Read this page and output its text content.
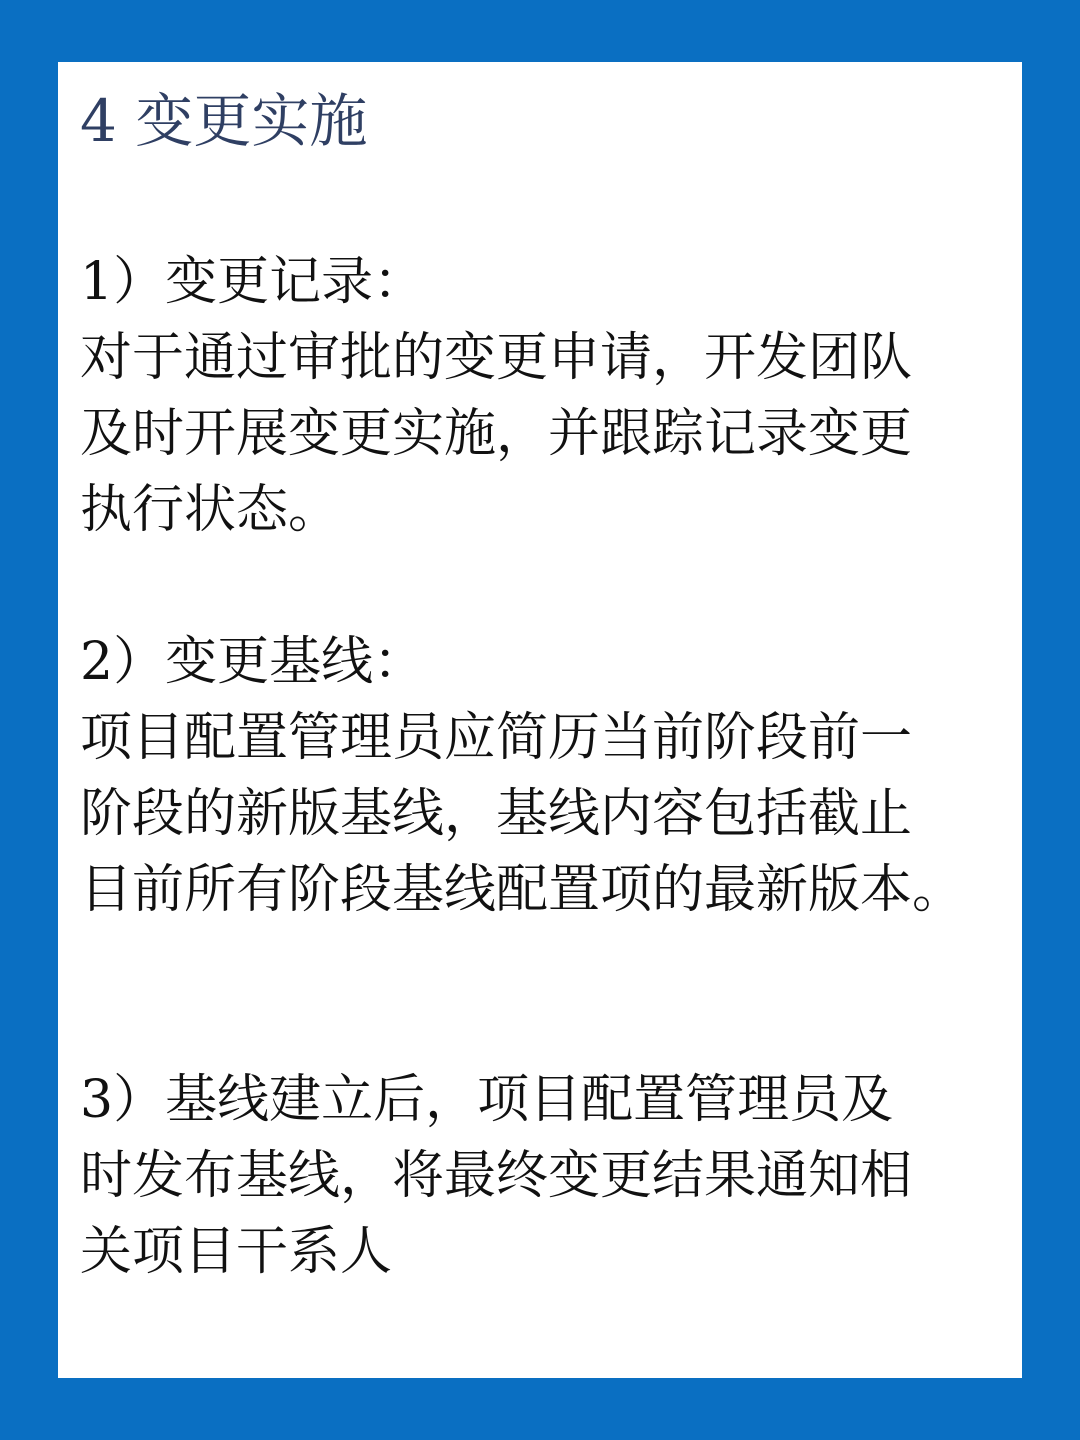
4 变更实施

1）变更记录：

对于通过审批的变更申请，开发团队

及时开展变更实施，并跟踪记录变更

执行状态。

2）变更基线：

项目配置管理员应简历当前阶段前一

阶段的新版基线，基线内容包括截止

目前所有阶段基线配置项的最新版本。

3）基线建立后，项目配置管理员及

时发布基线，将最终变更结果通知相

关项目干系人
